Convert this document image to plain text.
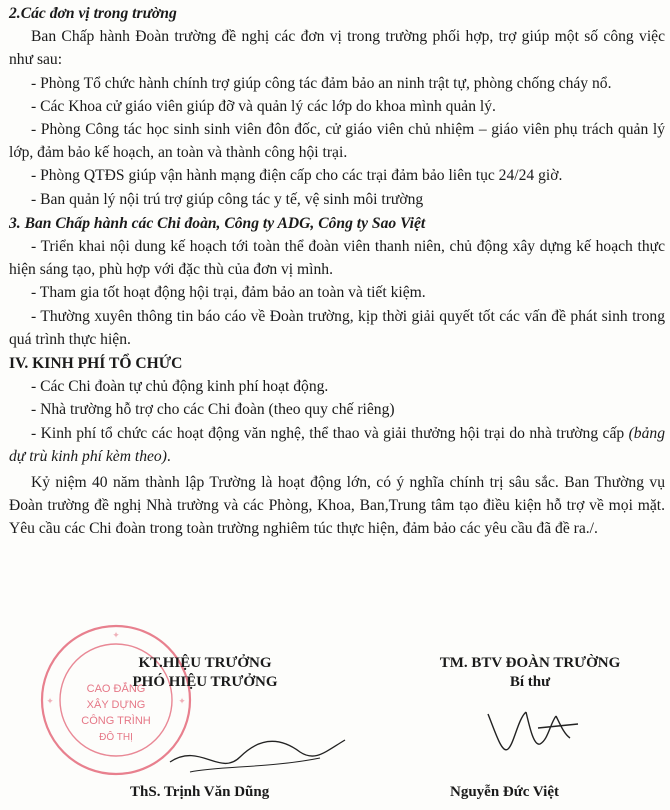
2.Các đơn vị trong trường

Ban Chấp hành Đoàn trường đề nghị các đơn vị trong trường phối hợp, trợ giúp một số công việc như sau:

- Phòng Tổ chức hành chính trợ giúp công tác đảm bảo an ninh trật tự, phòng chống cháy nổ.

- Các Khoa cử giáo viên giúp đỡ và quản lý các lớp do khoa mình quản lý.

- Phòng Công tác học sinh sinh viên đôn đốc, cử giáo viên chủ nhiệm – giáo viên phụ trách quản lý lớp, đảm bảo kế hoạch, an toàn và thành công hội trại.

- Phòng QTĐS giúp vận hành mạng điện cấp cho các trại đảm bảo liên tục 24/24 giờ.

- Ban quản lý nội trú trợ giúp công tác y tế, vệ sinh môi trường

3. Ban Chấp hành các Chi đoàn, Công ty ADG, Công ty Sao Việt

- Triển khai nội dung kế hoạch tới toàn thể đoàn viên thanh niên, chủ động xây dựng kế hoạch thực hiện sáng tạo, phù hợp với đặc thù của đơn vị mình.

- Tham gia tốt hoạt động hội trại, đảm bảo an toàn và tiết kiệm.

- Thường xuyên thông tin báo cáo về Đoàn trường, kịp thời giải quyết tốt các vấn đề phát sinh trong quá trình thực hiện.

IV. KINH PHÍ TỔ CHỨC

- Các Chi đoàn tự chủ động kinh phí hoạt động.

- Nhà trường hỗ trợ cho các Chi đoàn (theo quy chế riêng)

- Kinh phí tổ chức các hoạt động văn nghệ, thể thao và giải thưởng hội trại do nhà trường cấp (bảng dự trù kinh phí kèm theo).

Kỷ niệm 40 năm thành lập Trường là hoạt động lớn, có ý nghĩa chính trị sâu sắc. Ban Thường vụ Đoàn trường đề nghị Nhà trường và các Phòng, Khoa, Ban,Trung tâm tạo điều kiện hỗ trợ về mọi mặt. Yêu cầu các Chi đoàn trong toàn trường nghiêm túc thực hiện, đảm bảo các yêu cầu đã đề ra./.

CAO ĐẲNG
XÂY DỰNG
CÔNG TRÌNH
ĐÔ THỊ
✦
✦
✦
KT.HIỆU TRƯỞNG
PHÓ HIỆU TRƯỞNG
ThS. Trịnh Văn Dũng
TM. BTV ĐOÀN TRƯỜNG
Bí thư
Nguyễn Đức Việt
